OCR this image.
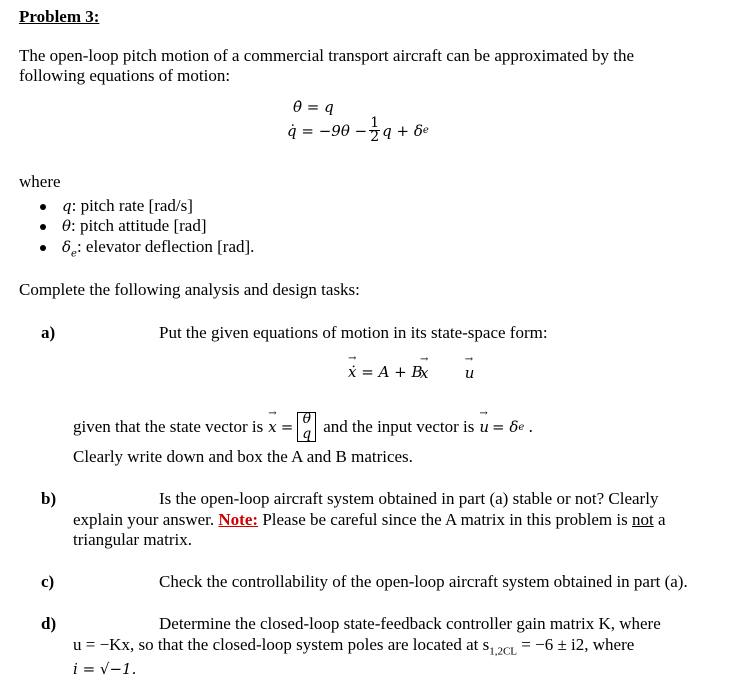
Problem 3:
The open-loop pitch motion of a commercial transport aircraft can be approximated by the
following equations of motion:
θ̇ = q
q̇ = $-9\theta - \frac{1}{2}$ q + δ e
where
q: pitch rate [rad/s]
θ: pitch attitude [rad]
$\delta_e$: elevator deflection [rad].
Complete the following analysis and design tasks:
a)	Put the given equations of motion in its state-space form:
→ ẋ = A + B
→ x → u
given that the state vector is → x = θ
q and the input vector is → u = δ e .
Clearly write down and box the A and B matrices.
b)	Is the open-loop aircraft system obtained in part (a) stable or not? Clearly
explain your answer. Note: Please be careful since the A matrix in this problem is not a
triangular matrix.
c)	Check the controllability of the open-loop aircraft system obtained in part (a).
d)	Determine the closed-loop state-feedback controller gain matrix K, where
u = −Kx, so that the closed-loop system poles are located at $s_{1,2CL} = -6 \pm i2$, where
i = √−1.
